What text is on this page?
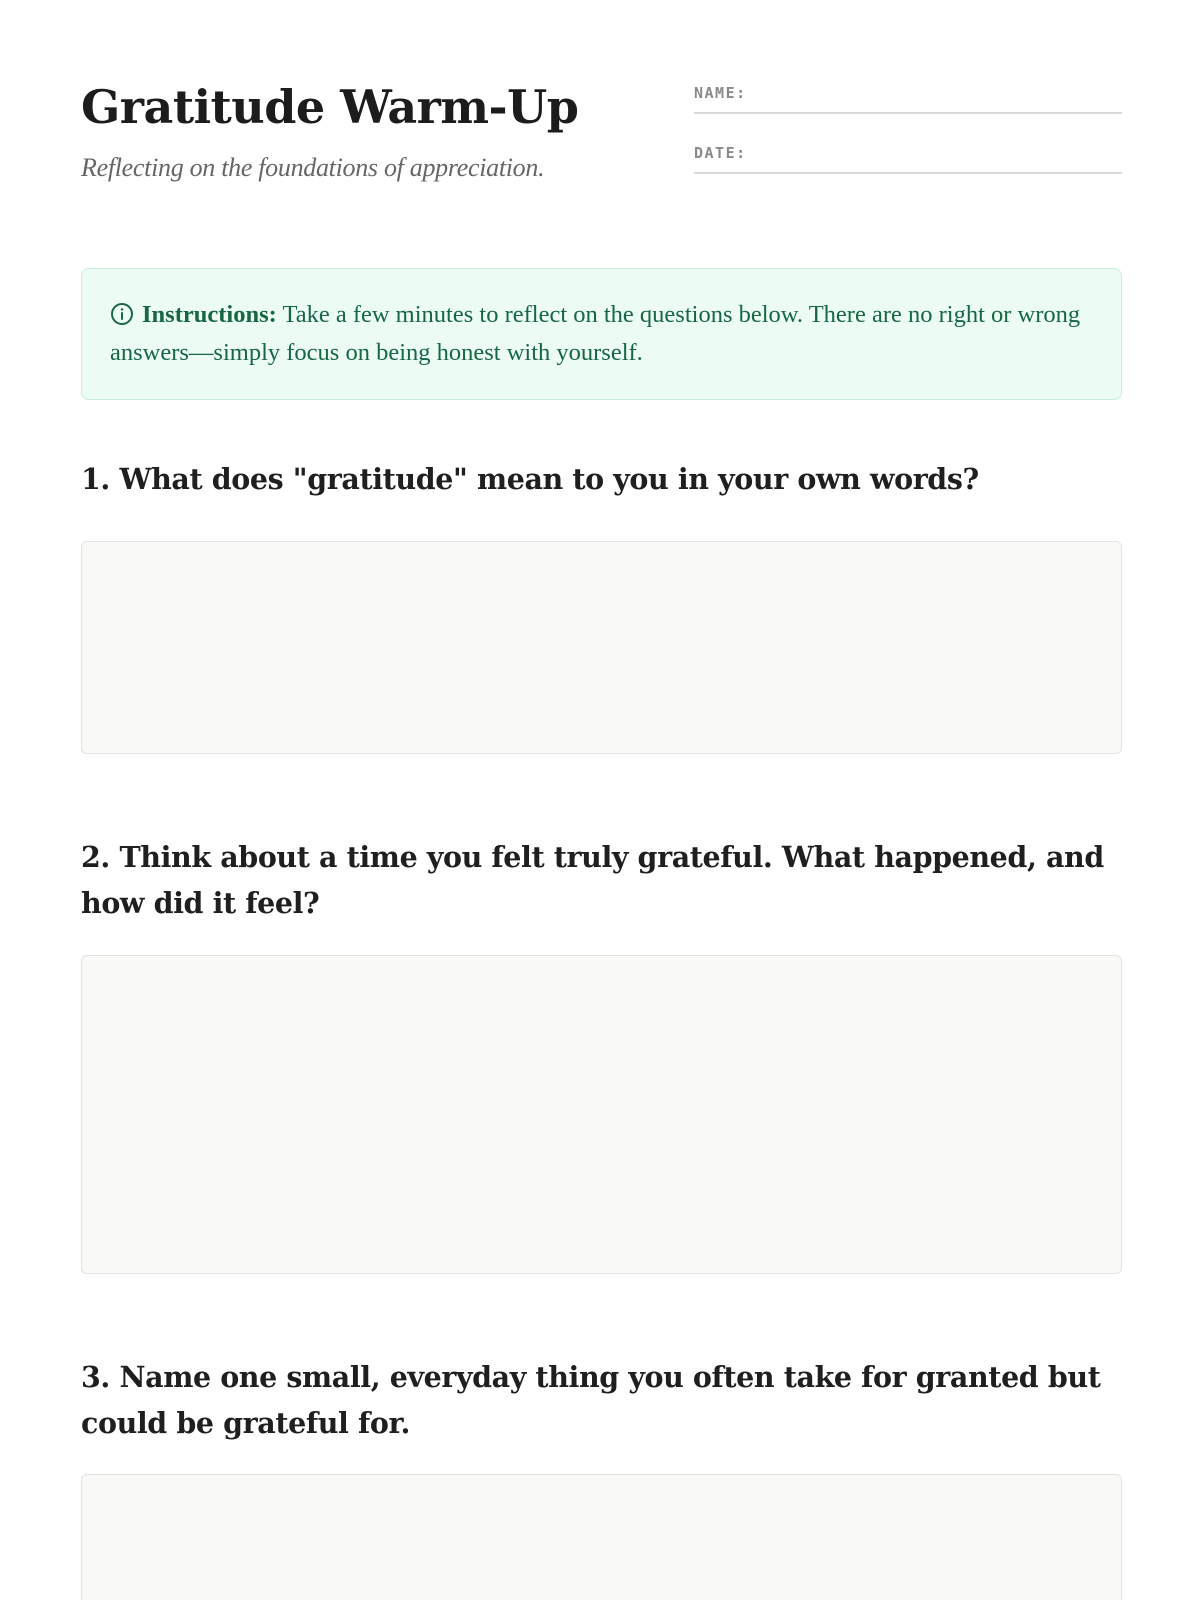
Gratitude Warm-Up

Reflecting on the foundations of appreciation.

NAME:
DATE:
Instructions: Take a few minutes to reflect on the questions below. There are no right or wrong answers—simply focus on being honest with yourself.
1. What does "gratitude" mean to you in your own words?
2. Think about a time you felt truly grateful. What happened, and how did it feel?
3. Name one small, everyday thing you often take for granted but could be grateful for.
